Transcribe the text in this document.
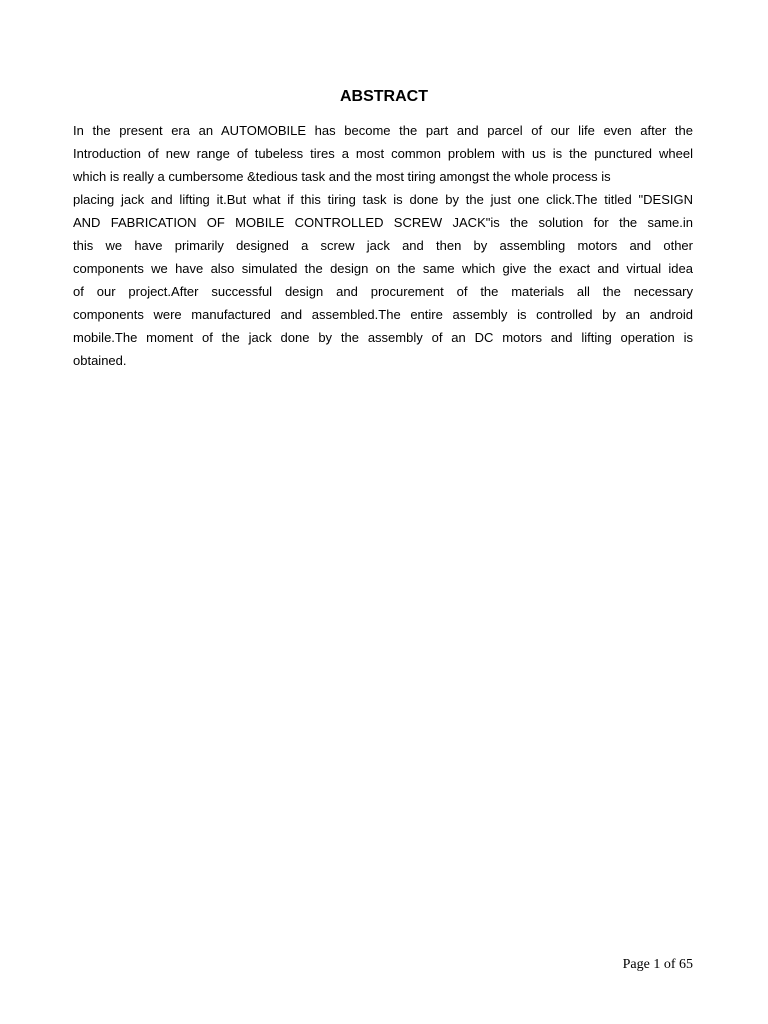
ABSTRACT
In the present era an AUTOMOBILE has become the part and parcel of our life even after the
Introduction of new range of tubeless tires a most common problem with us is the punctured wheel
which is really a cumbersome &tedious task and the most tiring amongst the whole process is
placing jack and lifting it.But what if this tiring task is done by the just one click.The titled "DESIGN
AND FABRICATION OF MOBILE CONTROLLED SCREW JACK"is the solution for the same.in
this we have primarily designed a screw jack and then by assembling motors and other
components we have also simulated the design on the same which give the exact and virtual idea
of our project.After successful design and procurement of the materials all the necessary
components were manufactured and assembled.The entire assembly is controlled by an android
mobile.The moment of the jack done by the assembly of an DC motors and lifting operation is
obtained.

Page 1 of 65
